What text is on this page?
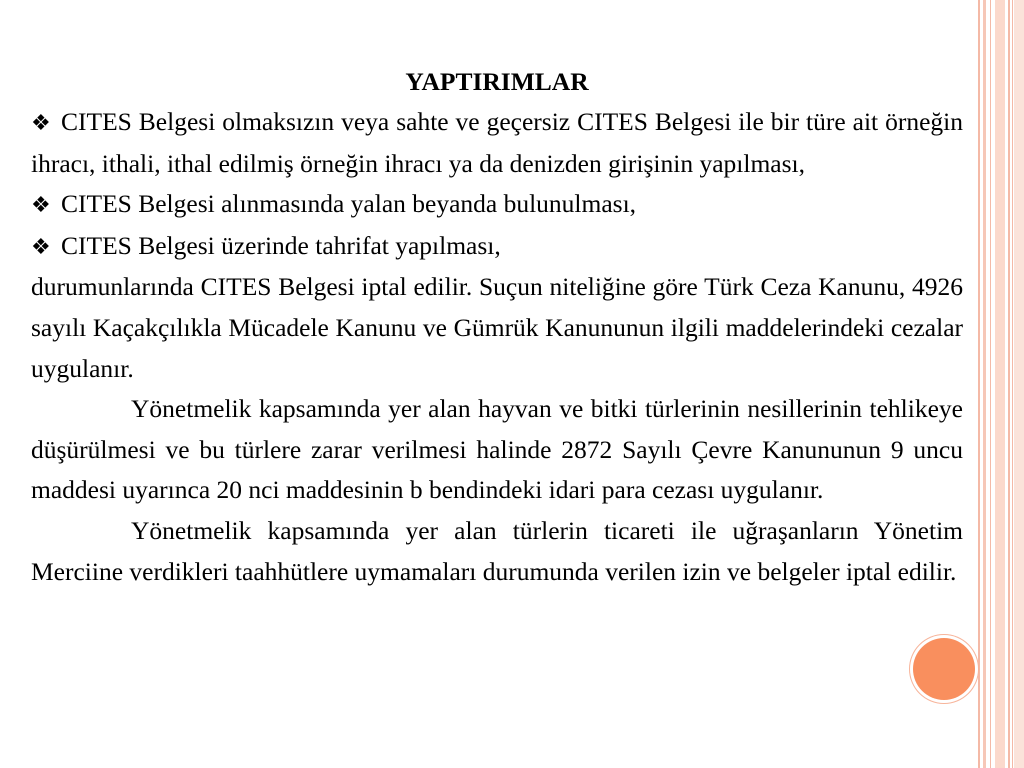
YAPTIRIMLAR

❖ CITES Belgesi olmaksızın veya sahte ve geçersiz CITES Belgesi ile bir türe ait örneğin ihracı, ithali, ithal edilmiş örneğin ihracı ya da denizden girişinin yapılması,

❖ CITES Belgesi alınmasında yalan beyanda bulunulması,

❖ CITES Belgesi üzerinde tahrifat yapılması,

durumunlarında CITES Belgesi iptal edilir. Suçun niteliğine göre Türk Ceza Kanunu, 4926 sayılı Kaçakçılıkla Mücadele Kanunu ve Gümrük Kanununun ilgili maddelerindeki cezalar uygulanır.

Yönetmelik kapsamında yer alan hayvan ve bitki türlerinin nesillerinin tehlikeye düşürülmesi ve bu türlere zarar verilmesi halinde 2872 Sayılı Çevre Kanununun 9 uncu maddesi uyarınca 20 nci maddesinin b bendindeki idari para cezası uygulanır.

Yönetmelik kapsamında yer alan türlerin ticareti ile uğraşanların Yönetim Merciine verdikleri taahhütlere uymamaları durumunda verilen izin ve belgeler iptal edilir.
